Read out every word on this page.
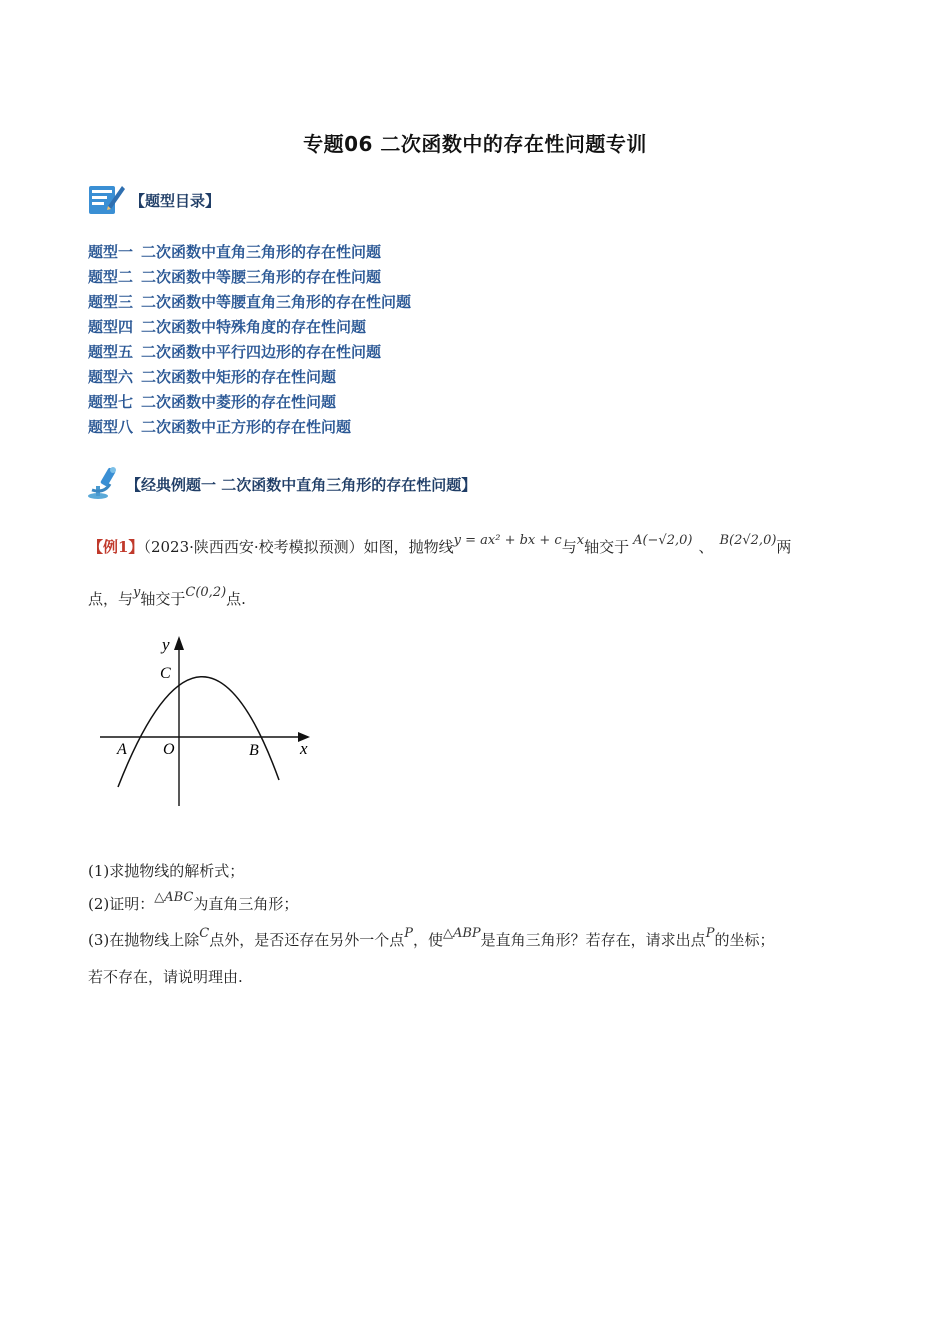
专题06 二次函数中的存在性问题专训
【题型目录】
题型一 二次函数中直角三角形的存在性问题
题型二 二次函数中等腰三角形的存在性问题
题型三 二次函数中等腰直角三角形的存在性问题
题型四 二次函数中特殊角度的存在性问题
题型五 二次函数中平行四边形的存在性问题
题型六 二次函数中矩形的存在性问题
题型七 二次函数中菱形的存在性问题
题型八 二次函数中正方形的存在性问题
【经典例题一 二次函数中直角三角形的存在性问题】
【例1】（2023·陕西西安·校考模拟预测）如图，抛物线y = ax² + bx + c与x轴交于 A(−√2,0) 、 B(2√2,0)两
点，与y轴交于C(0,2)点.
y
C
A O	B x
(1)求抛物线的解析式；
(2)证明：△ABC为直角三角形；
(3)在抛物线上除C点外，是否还存在另外一个点P，使△ABP是直角三角形？若存在，请求出点P的坐标；
若不存在，请说明理由.
